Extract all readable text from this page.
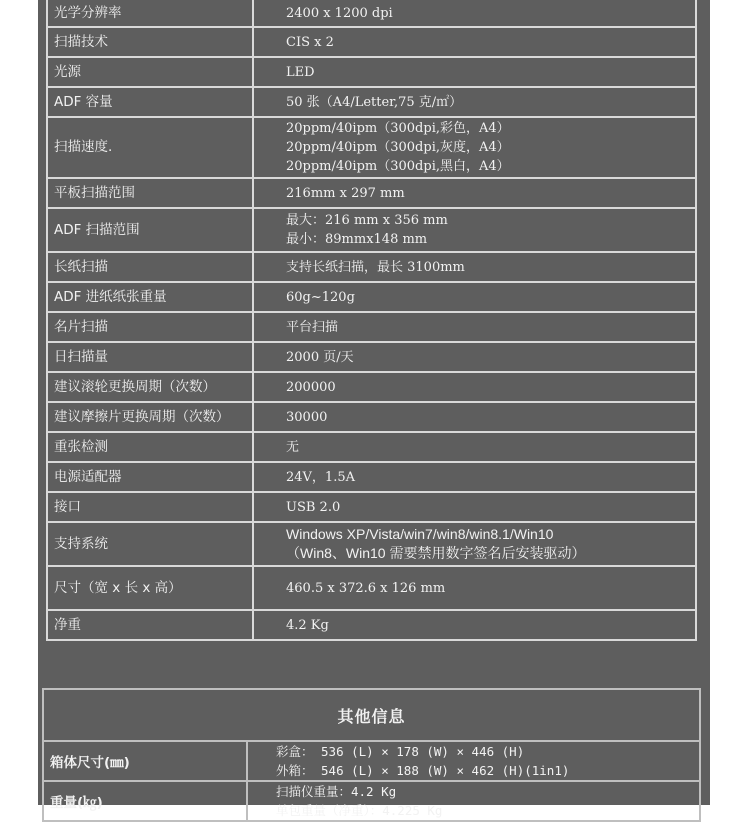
光学分辨率	2400 x 1200 dpi

扫描技术	CIS x 2

光源	LED

ADF 容量	50 张（A4/Letter,75 克/㎡）

扫描速度.	20ppm/40ipm（300dpi,彩色，A4）
20ppm/40ipm（300dpi,灰度，A4）
20ppm/40ipm（300dpi,黑白，A4）

平板扫描范围	216mm x 297 mm

ADF 扫描范围	最大：216 mm x 356 mm
最小：89mmx148 mm

长纸扫描	支持长纸扫描，最长 3100mm

ADF 进纸纸张重量	60g~120g

名片扫描	平台扫描

日扫描量	2000 页/天

建议滚轮更换周期（次数）	200000

建议摩擦片更换周期（次数）	30000

重张检测	无

电源适配器	24V，1.5A

接口	USB 2.0

支持系统	Windows XP/Vista/win7/win8/win8.1/Win10
（Win8、Win10 需要禁用数字签名后安装驱动）

尺寸（宽 x 长 x 高）	460.5 x 372.6 x 126 mm

净重	4.2 Kg
其他信息	
箱体尺寸(㎜)	彩盒： 536 (L) × 178 (W) × 446 (H)
外箱： 546 (L) × 188 (W) × 462 (H)(1in1)

重量(㎏)	扫描仪重量：4.2 Kg
单包重量（净重）：4.225 Kg
